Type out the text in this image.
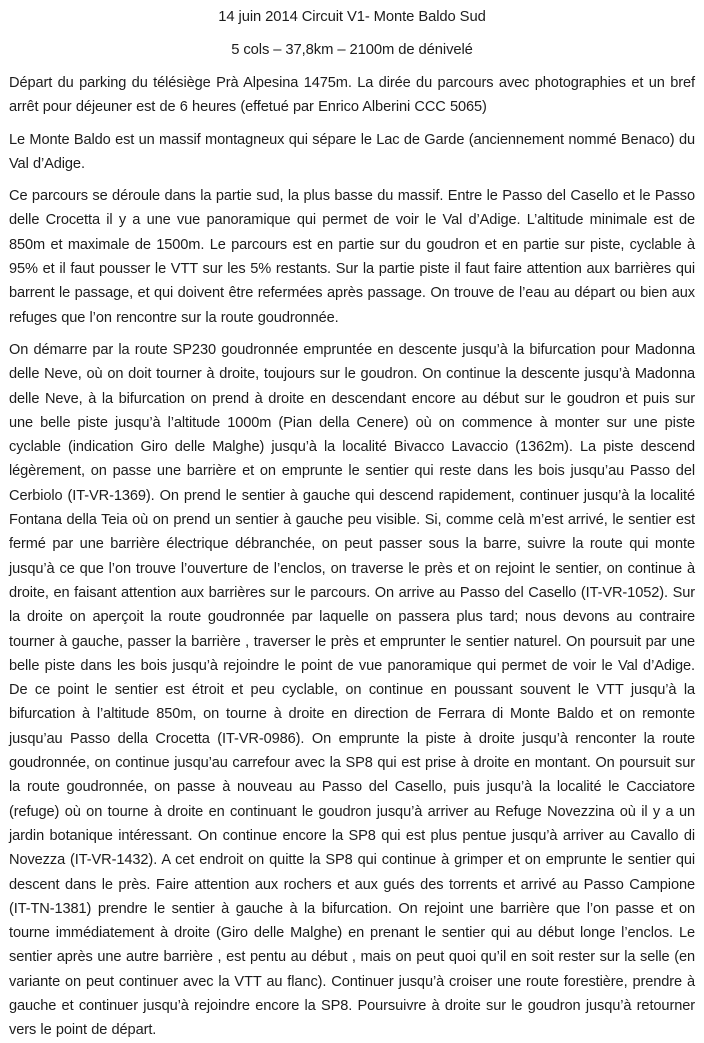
14 juin 2014 Circuit V1- Monte Baldo Sud

5 cols – 37,8km – 2100m de dénivelé

Départ du parking du télésiège Prà Alpesina 1475m. La dirée du parcours avec photographies et un bref arrêt pour déjeuner est de 6 heures (effetué par Enrico Alberini CCC 5065)

Le Monte Baldo est un massif montagneux qui sépare le Lac de Garde (anciennement nommé Benaco) du Val d’Adige.

Ce parcours se déroule dans la partie sud, la plus basse du massif. Entre le Passo del Casello et le Passo delle Crocetta il y a une vue panoramique qui permet de voir le Val d’Adige. L’altitude minimale est de 850m et maximale de 1500m. Le parcours est en partie sur du goudron et en partie sur piste, cyclable à 95% et il faut pousser le VTT sur les 5% restants. Sur la partie piste il faut faire attention aux barrières qui barrent le passage, et qui doivent être refermées après passage. On trouve de l’eau au départ ou bien aux refuges que l’on rencontre sur la route goudronnée.

On démarre par la route SP230 goudronnée empruntée en descente jusqu’à la bifurcation pour Madonna delle Neve, où on doit tourner à droite, toujours sur le goudron. On continue la descente jusqu’à Madonna delle Neve, à la bifurcation on prend à droite en descendant encore au début sur le goudron et puis sur une belle piste jusqu’à l’altitude 1000m (Pian della Cenere) où on commence à monter sur une piste cyclable (indication Giro delle Malghe) jusqu’à la localité Bivacco Lavaccio (1362m). La piste descend légèrement, on passe une barrière et on emprunte le sentier qui reste dans les bois jusqu’au Passo del Cerbiolo (IT-VR-1369). On prend le sentier à gauche qui descend rapidement, continuer jusqu’à la localité Fontana della Teia où on prend un sentier à gauche peu visible. Si, comme celà m’est arrivé, le sentier est fermé par une barrière électrique débranchée, on peut passer sous la barre, suivre la route qui monte jusqu’à ce que l’on trouve l’ouverture de l’enclos, on traverse le près et on rejoint le sentier, on continue à droite, en faisant attention aux barrières sur le parcours. On arrive au Passo del Casello (IT-VR-1052). Sur la droite on aperçoit la route goudronnée par laquelle on passera plus tard; nous devons au contraire tourner à gauche, passer la barrière , traverser le près et emprunter le sentier naturel. On poursuit par une belle piste dans les bois jusqu’à rejoindre le point de vue panoramique qui permet de voir le Val d’Adige. De ce point le sentier est étroit et peu cyclable, on continue en poussant souvent le VTT jusqu’à la bifurcation à l’altitude 850m, on tourne à droite en direction de Ferrara di Monte Baldo et on remonte jusqu’au Passo della Crocetta (IT-VR-0986). On emprunte la piste à droite jusqu’à renconter la route goudronnée, on continue jusqu’au carrefour avec la SP8 qui est prise à droite en montant. On poursuit sur la route goudronnée, on passe à nouveau au Passo del Casello, puis jusqu’à la localité le Cacciatore (refuge) où on tourne à droite en continuant le goudron jusqu’à arriver au Refuge Novezzina où il y a un jardin botanique intéressant. On continue encore la SP8 qui est plus pentue jusqu’à arriver au Cavallo di Novezza (IT-VR-1432). A cet endroit on quitte la SP8 qui continue à grimper et on emprunte le sentier qui descent dans le près. Faire attention aux rochers et aux gués des torrents et arrivé au Passo Campione (IT-TN-1381) prendre le sentier à gauche à la bifurcation. On rejoint une barrière que l’on passe et on tourne immédiatement à droite (Giro delle Malghe) en prenant le sentier qui au début longe l’enclos. Le sentier après une autre barrière , est pentu au début , mais on peut quoi qu’il en soit rester sur la selle (en variante on peut continuer avec la VTT au flanc). Continuer jusqu’à croiser une route forestière, prendre à gauche et continuer jusqu’à rejoindre encore la SP8. Poursuivre à droite sur le goudron jusqu’à retourner vers le point de départ.
